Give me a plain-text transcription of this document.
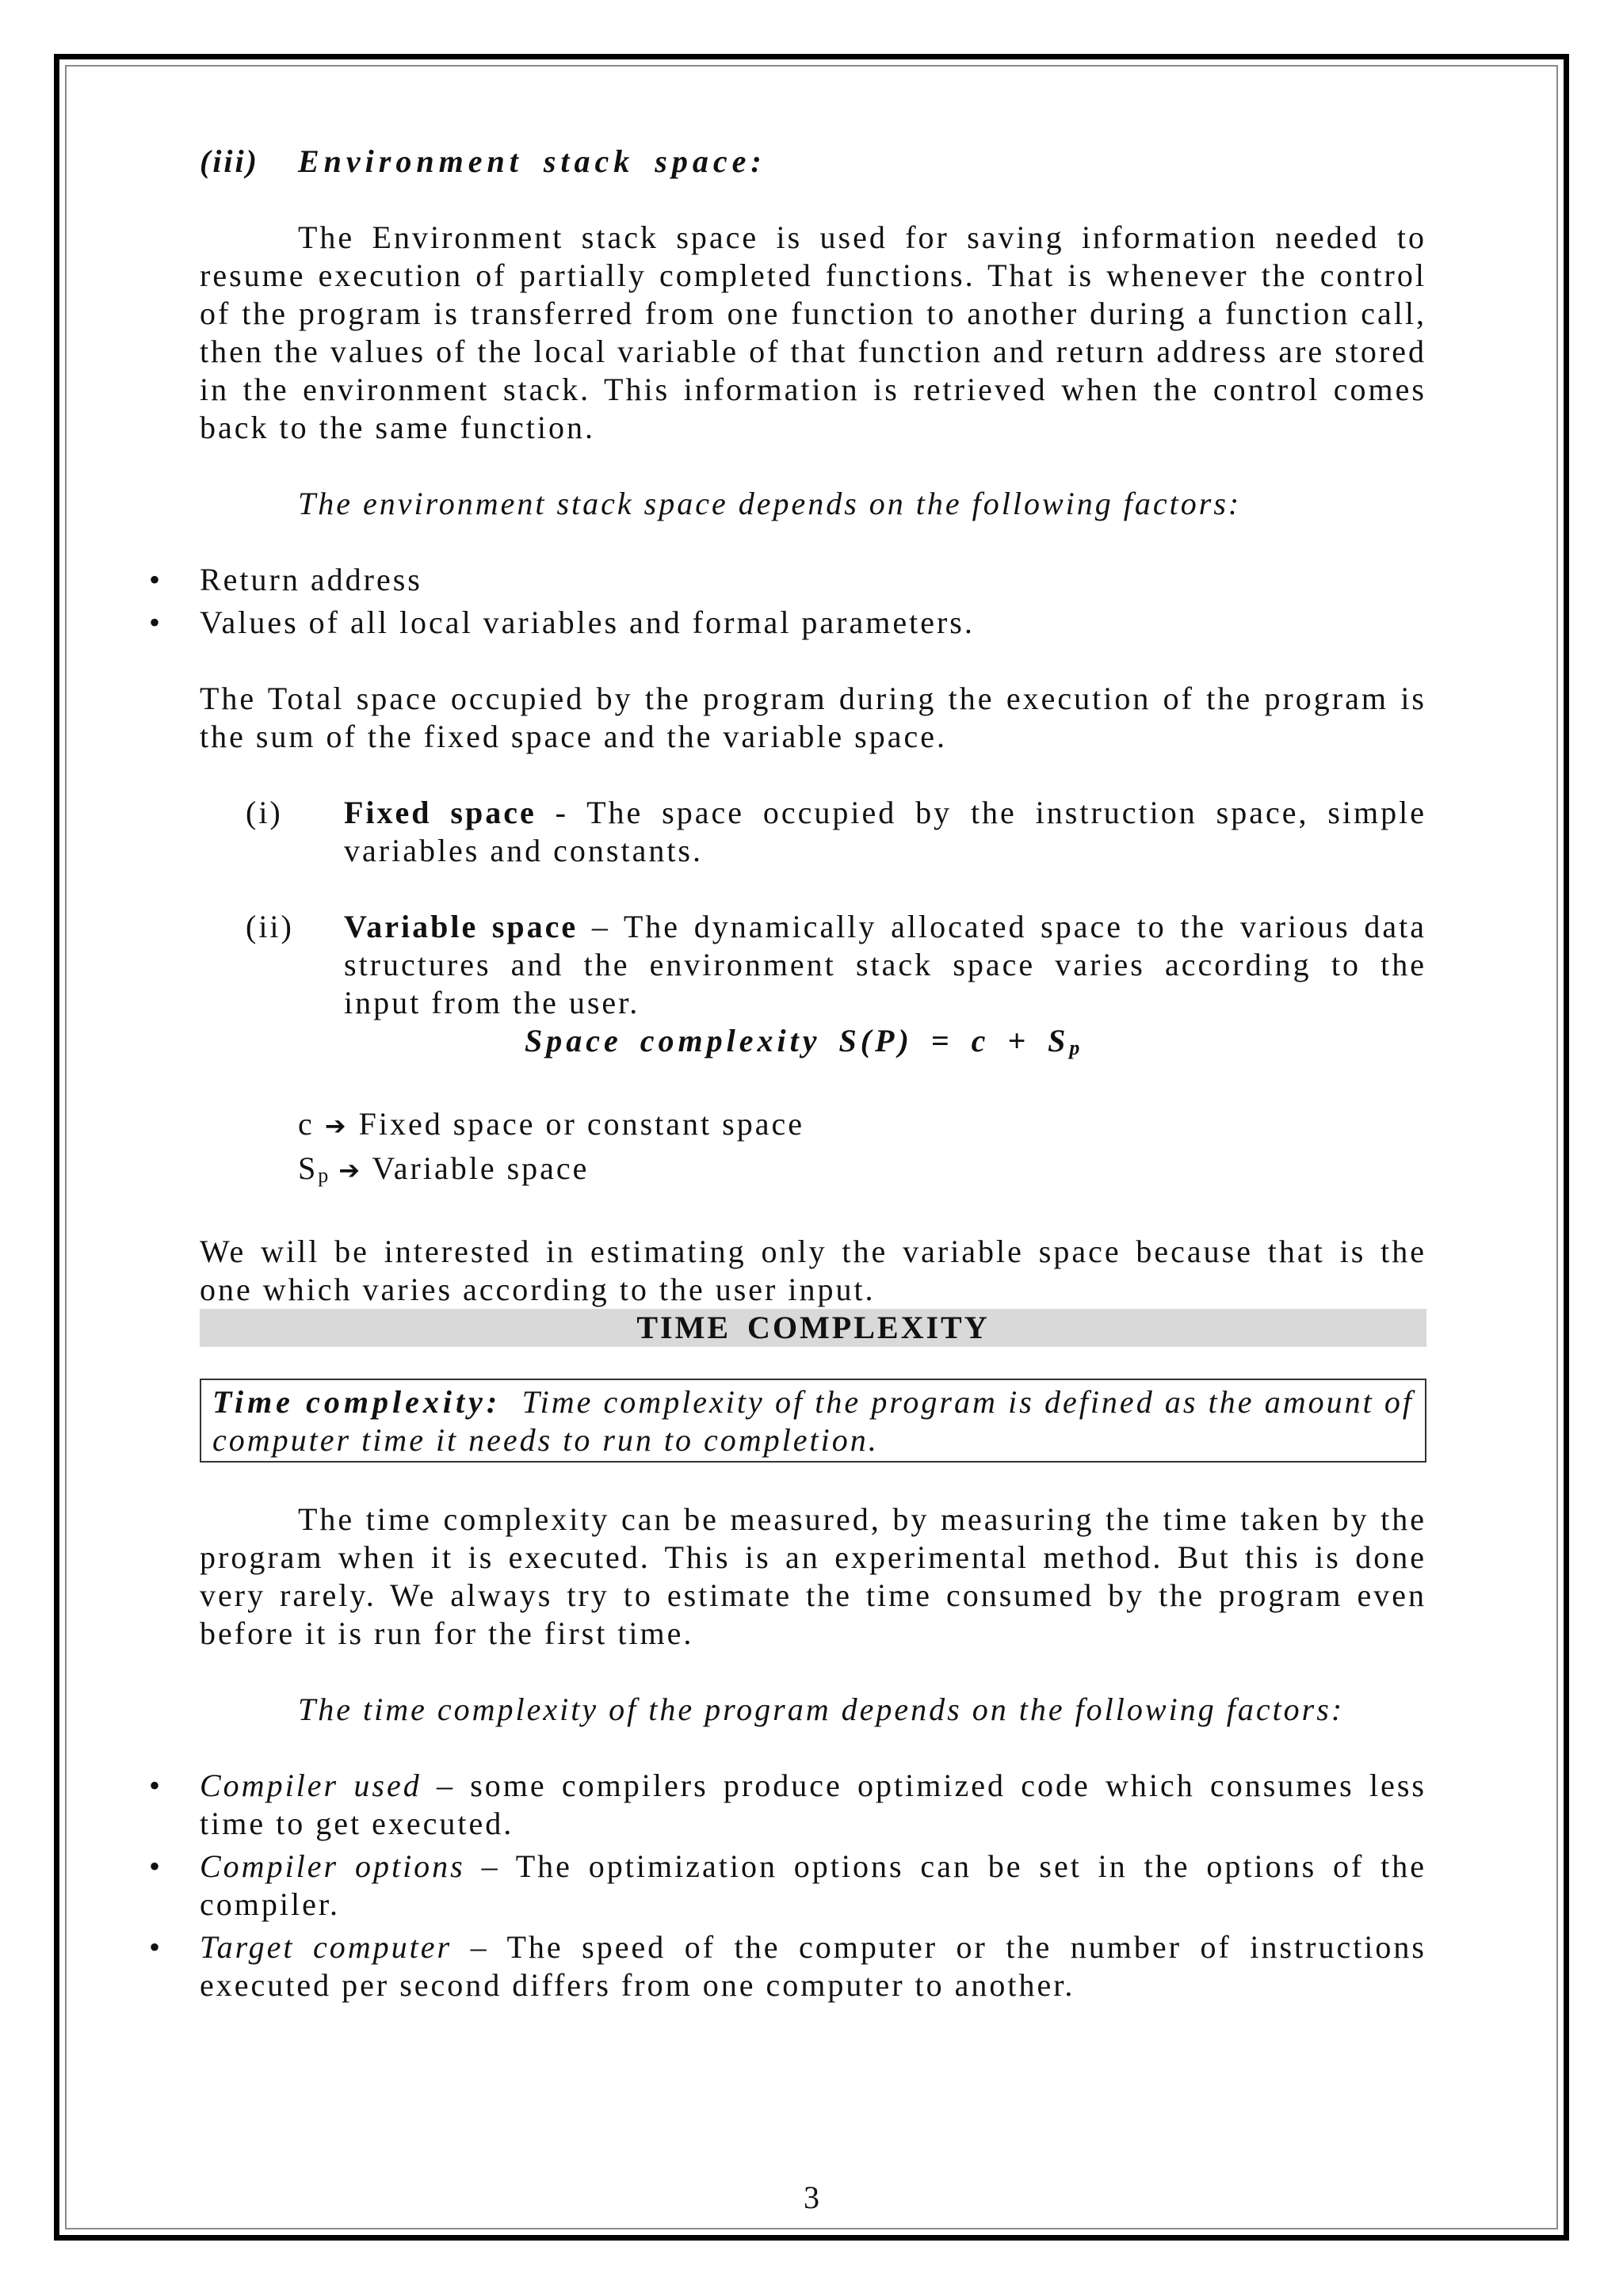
(iii) Environment stack space:

The Environment stack space is used for saving information needed to resume execution of partially completed functions. That is whenever the control of the program is transferred from one function to another during a function call, then the values of the local variable of that function and return address are stored in the environment stack. This information is retrieved when the control comes back to the same function.

The environment stack space depends on the following factors:

• Return address
• Values of all local variables and formal parameters.

The Total space occupied by the program during the execution of the program is the sum of the fixed space and the variable space.

(i)	Fixed space - The space occupied by the instruction space, simple variables and constants.

(ii)	Variable space – The dynamically allocated space to the various data structures and the environment stack space varies according to the input from the user.

Space complexity $S(P) = c + S_p$

c ➔ Fixed space or constant space

$S_p$ ➔ Variable space

We will be interested in estimating only the variable space because that is the one which varies according to the user input.

TIME COMPLEXITY
Time complexity: Time complexity of the program is defined as the amount of computer time it needs to run to completion.

The time complexity can be measured, by measuring the time taken by the program when it is executed. This is an experimental method. But this is done very rarely. We always try to estimate the time consumed by the program even before it is run for the first time.

The time complexity of the program depends on the following factors:

• Compiler used – some compilers produce optimized code which consumes less time to get executed.
• Compiler options – The optimization options can be set in the options of the compiler.
• Target computer – The speed of the computer or the number of instructions executed per second differs from one computer to another.
3
